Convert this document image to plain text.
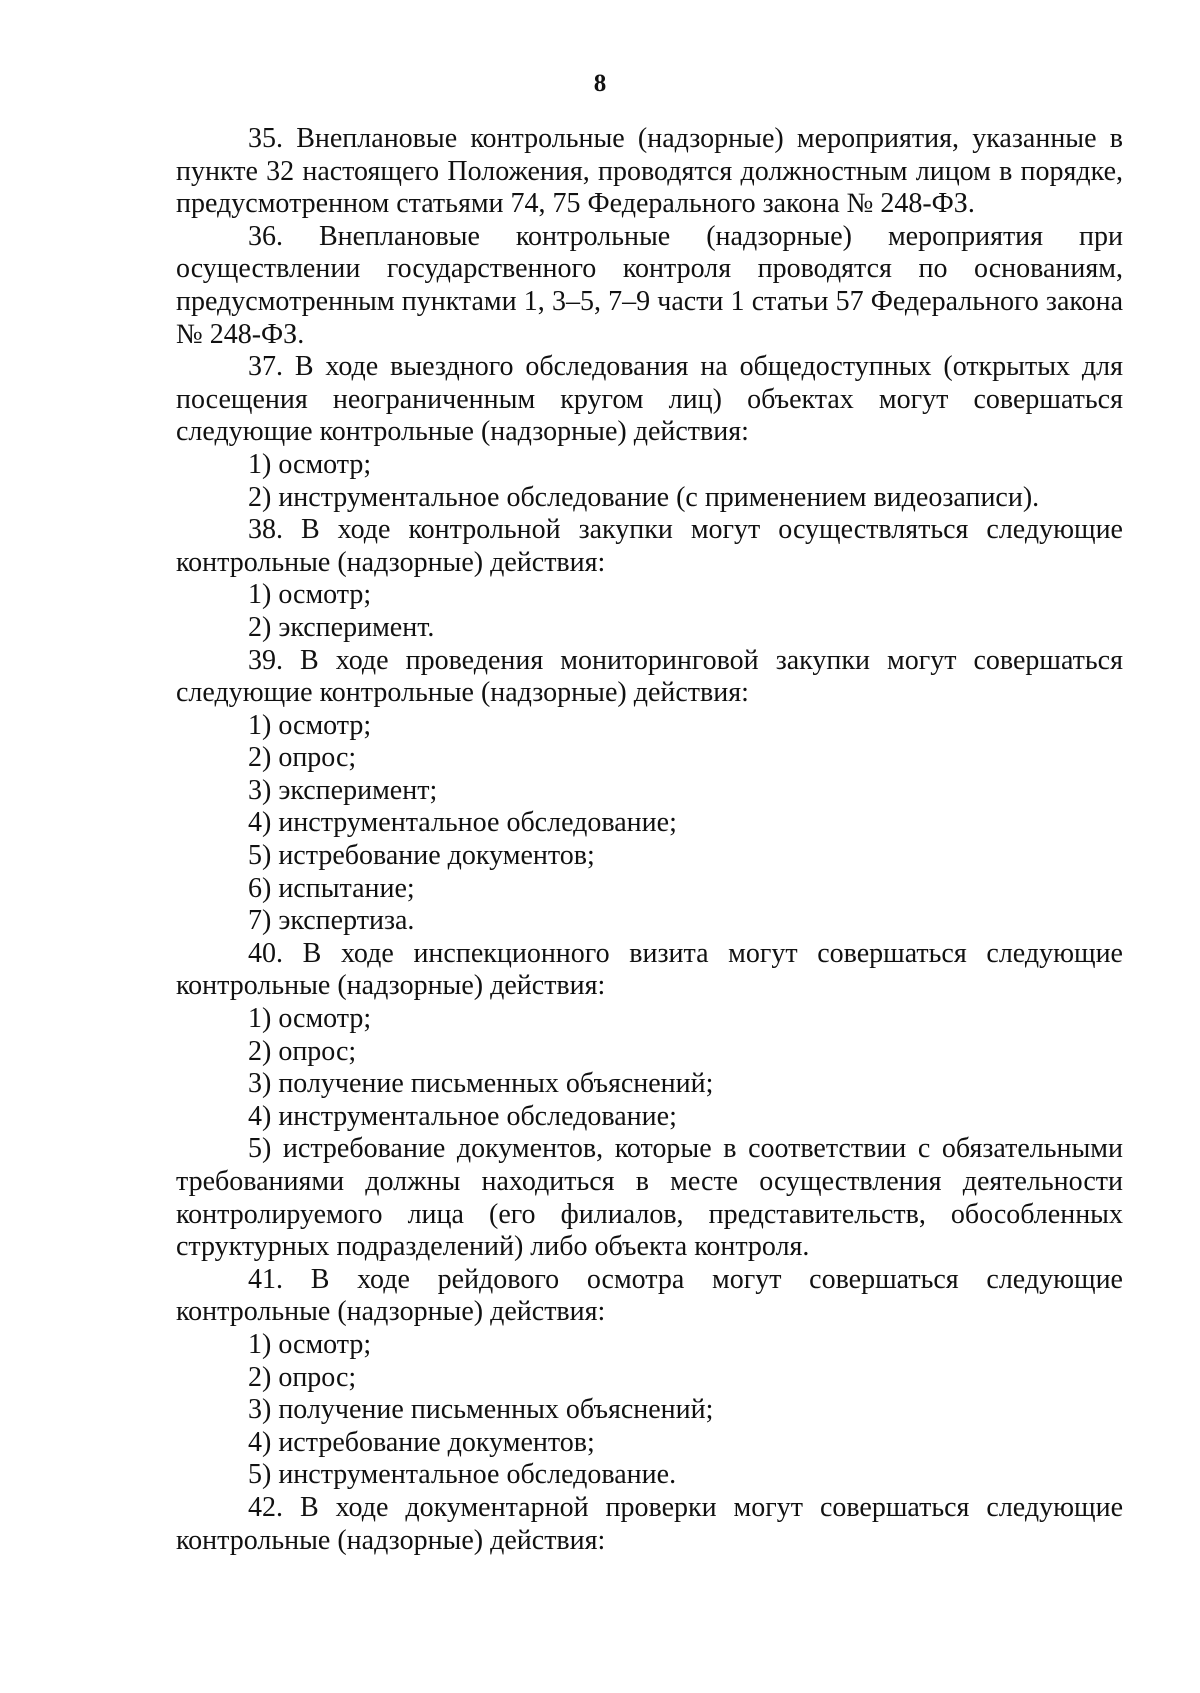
8

35. Внеплановые контрольные (надзорные) мероприятия, указанные в пункте 32 настоящего Положения, проводятся должностным лицом в порядке, предусмотренном статьями 74, 75 Федерального закона № 248-ФЗ.

36. Внеплановые контрольные (надзорные) мероприятия при осуществлении государственного контроля проводятся по основаниям, предусмотренным пунктами 1, 3–5, 7–9 части 1 статьи 57 Федерального закона № 248-ФЗ.

37. В ходе выездного обследования на общедоступных (открытых для посещения неограниченным кругом лиц) объектах могут совершаться следующие контрольные (надзорные) действия:

1) осмотр;

2) инструментальное обследование (с применением видеозаписи).

38. В ходе контрольной закупки могут осуществляться следующие контрольные (надзорные) действия:

1) осмотр;

2) эксперимент.

39. В ходе проведения мониторинговой закупки могут совершаться следующие контрольные (надзорные) действия:

1) осмотр;

2) опрос;

3) эксперимент;

4) инструментальное обследование;

5) истребование документов;

6) испытание;

7) экспертиза.

40. В ходе инспекционного визита могут совершаться следующие контрольные (надзорные) действия:

1) осмотр;

2) опрос;

3) получение письменных объяснений;

4) инструментальное обследование;

5) истребование документов, которые в соответствии с обязательными требованиями должны находиться в месте осуществления деятельности контролируемого лица (его филиалов, представительств, обособленных структурных подразделений) либо объекта контроля.

41. В ходе рейдового осмотра могут совершаться следующие контрольные (надзорные) действия:

1) осмотр;

2) опрос;

3) получение письменных объяснений;

4) истребование документов;

5) инструментальное обследование.

42. В ходе документарной проверки могут совершаться следующие контрольные (надзорные) действия:
